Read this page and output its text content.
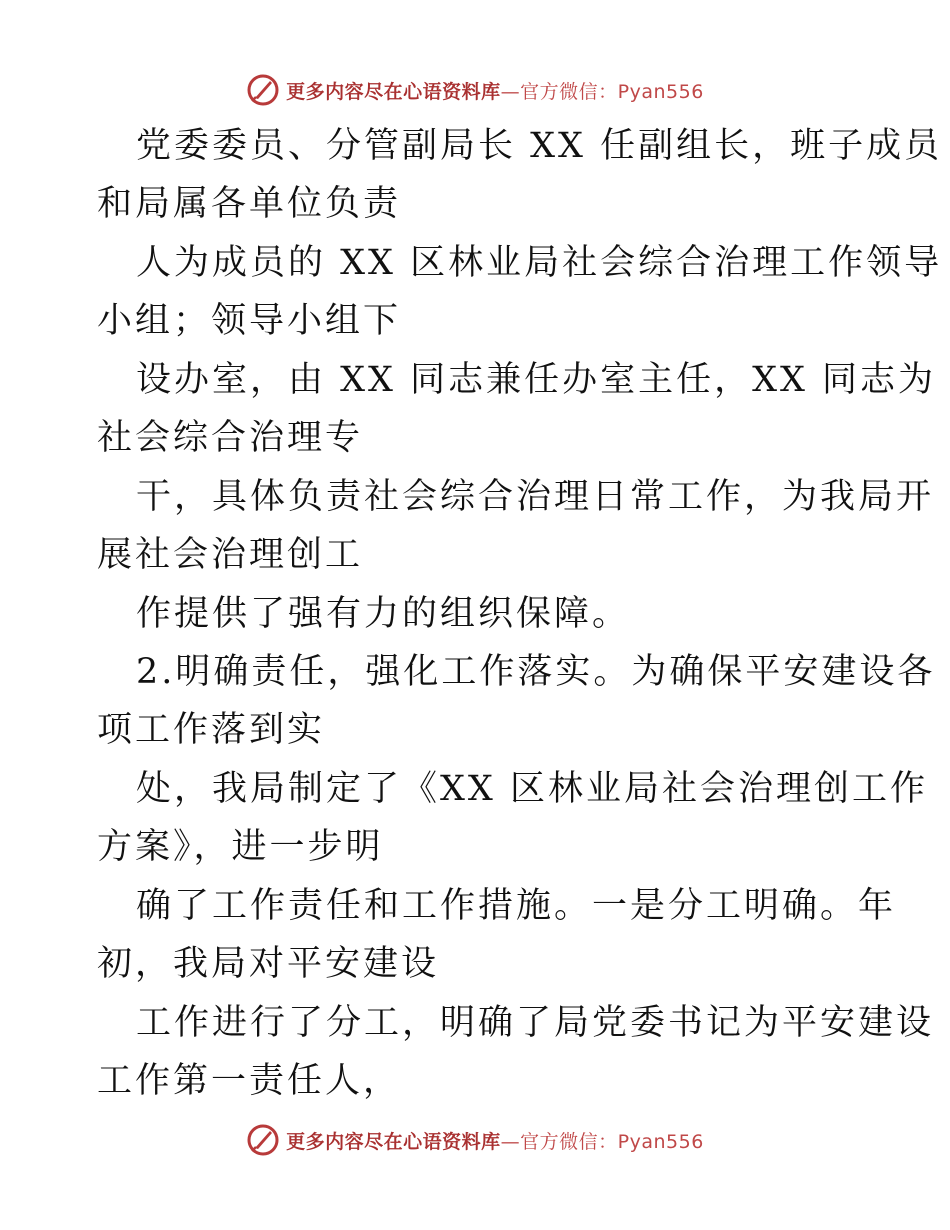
更多内容尽在心语资料库—官方微信：Pyan556
党委委员、分管副局长 XX 任副组长，班子成员
和局属各单位负责
人为成员的 XX 区林业局社会综合治理工作领导
小组；领导小组下
设办室，由 XX 同志兼任办室主任，XX 同志为
社会综合治理专
干，具体负责社会综合治理日常工作，为我局开
展社会治理创工
作提供了强有力的组织保障。
2.明确责任，强化工作落实。为确保平安建设各
项工作落到实
处，我局制定了《XX 区林业局社会治理创工作
方案》，进一步明
确了工作责任和工作措施。一是分工明确。年
初，我局对平安建设
工作进行了分工，明确了局党委书记为平安建设
工作第一责任人，
更多内容尽在心语资料库—官方微信：Pyan556
